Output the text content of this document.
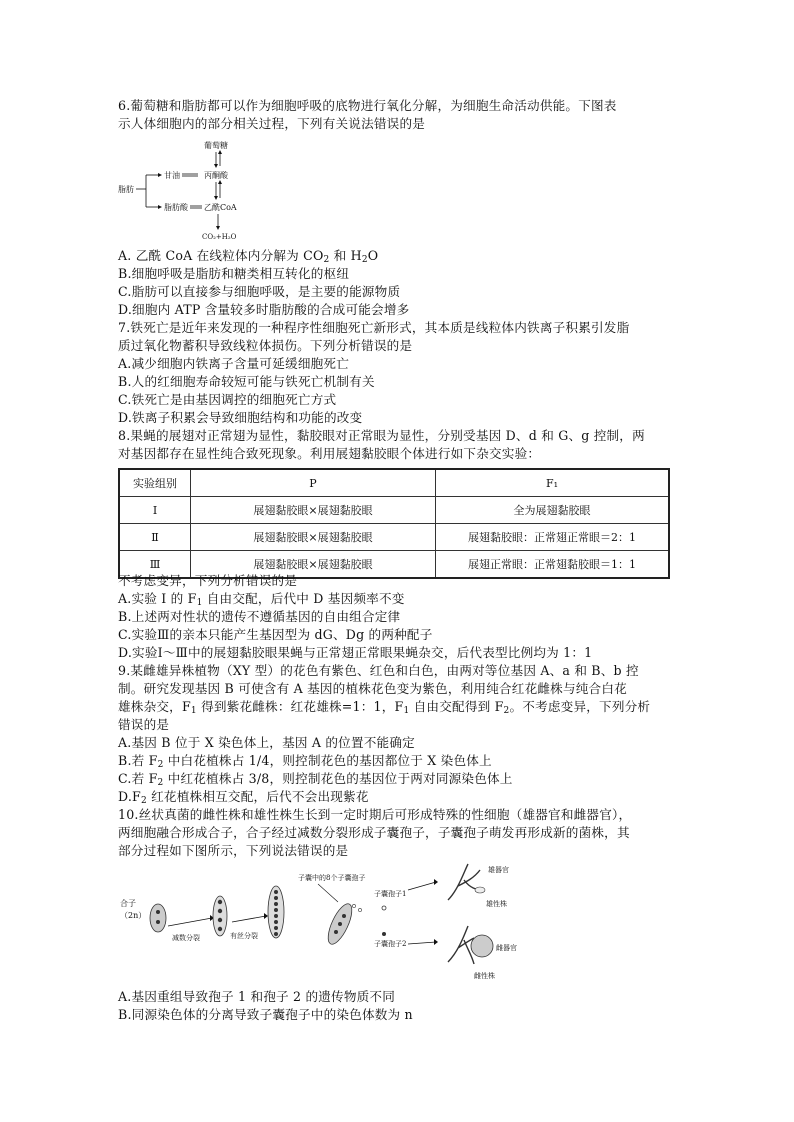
6.葡萄糖和脂肪都可以作为细胞呼吸的底物进行氧化分解，为细胞生命活动供能。下图表
示人体细胞内的部分相关过程，下列有关说法错误的是
葡萄糖
丙酮酸
甘油
脂肪
脂肪酸 乙酰CoA
CO₂+H₂O
A. 乙酰 CoA 在线粒体内分解为 $CO_2$ 和 $H_2O$
B.细胞呼吸是脂肪和糖类相互转化的枢纽
C.脂肪可以直接参与细胞呼吸，是主要的能源物质
D.细胞内 ATP 含量较多时脂肪酸的合成可能会增多
7.铁死亡是近年来发现的一种程序性细胞死亡新形式，其本质是线粒体内铁离子积累引发脂
质过氧化物蓄积导致线粒体损伤。下列分析错误的是
A.减少细胞内铁离子含量可延缓细胞死亡
B.人的红细胞寿命较短可能与铁死亡机制有关
C.铁死亡是由基因调控的细胞死亡方式
D.铁离子积累会导致细胞结构和功能的改变
8.果蝇的展翅对正常翅为显性，黏胶眼对正常眼为显性，分别受基因 D、d 和 G、g 控制，两
对基因都存在显性纯合致死现象。利用展翅黏胶眼个体进行如下杂交实验：
实验组别	P	F₁
Ⅰ	展翅黏胶眼×展翅黏胶眼	全为展翅黏胶眼
Ⅱ	展翅黏胶眼×展翅黏胶眼	展翅黏胶眼：正常翅正常眼＝2：1
Ⅲ	展翅黏胶眼×展翅黏胶眼	展翅正常眼：正常翅黏胶眼＝1：1
不考虑变异，下列分析错误的是
A.实验 I 的 $F_1$ 自由交配，后代中 D 基因频率不变
B.上述两对性状的遗传不遵循基因的自由组合定律
C.实验Ⅲ的亲本只能产生基因型为 dG、Dg 的两种配子
D.实验Ⅰ～Ⅲ中的展翅黏胶眼果蝇与正常翅正常眼果蝇杂交，后代表型比例均为 1：1
9.某雌雄异株植物（XY 型）的花色有紫色、红色和白色，由两对等位基因 A、a 和 B、b 控
制。研究发现基因 B 可使含有 A 基因的植株花色变为紫色，利用纯合红花雌株与纯合白花
雄株杂交，$F_1$ 得到紫花雌株：红花雄株=1：1，$F_1$ 自由交配得到 $F_2$。不考虑变异，下列分析
错误的是
A.基因 B 位于 X 染色体上，基因 A 的位置不能确定
B.若 $F_2$ 中白花植株占 1/4，则控制花色的基因都位于 X 染色体上
C.若 $F_2$ 中红花植株占 3/8，则控制花色的基因位于两对同源染色体上
$D.F_2$ 红花植株相互交配，后代不会出现紫花
10.丝状真菌的雌性株和雄性株生长到一定时期后可形成特殊的性细胞（雄器官和雌器官），
两细胞融合形成合子，合子经过减数分裂形成子囊孢子，子囊孢子萌发再形成新的菌株，其
部分过程如下图所示，下列说法错误的是
合子
（2n）
减数分裂	有丝分裂
子囊中的8个子囊孢子
子囊孢子1
子囊孢子2
雄器官
雄性株
雌器官
雌性株
A.基因重组导致孢子 1 和孢子 2 的遗传物质不同
B.同源染色体的分离导致子囊孢子中的染色体数为 n
